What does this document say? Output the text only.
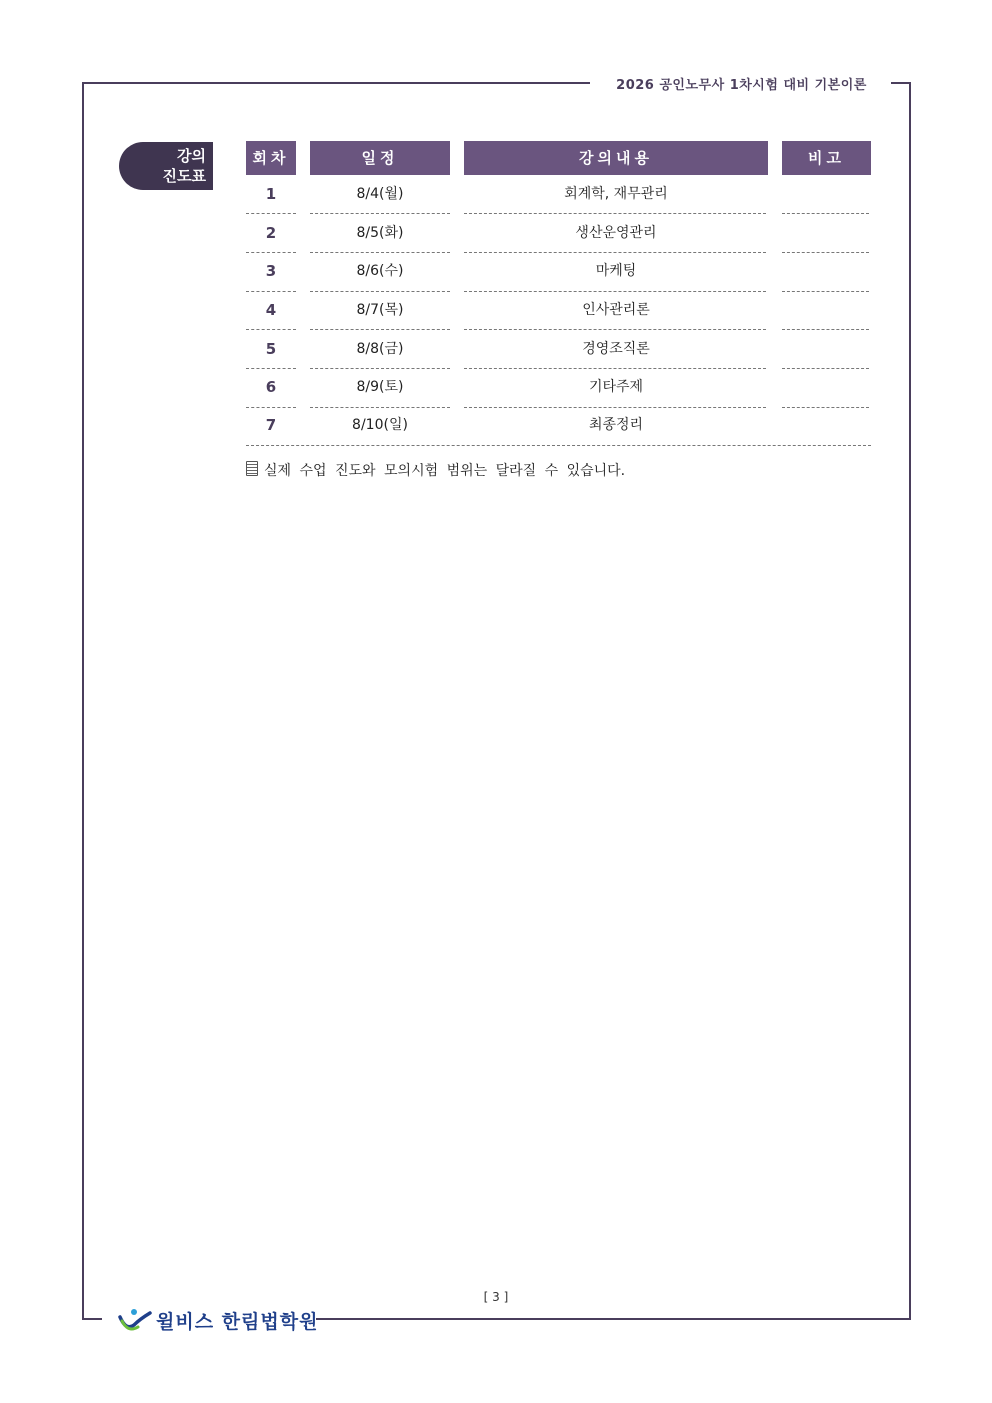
2026 공인노무사 1차시험 대비 기본이론
강의
진도표
회차	일정	강의내용	비고
1	8/4(월)	회계학, 재무관리
2	8/5(화)	생산운영관리
3	8/6(수)	마케팅
4	8/7(목)	인사관리론
5	8/8(금)	경영조직론
6	8/9(토)	기타주제
7	8/10(일)	최종정리
실제 수업 진도와 모의시험 범위는 달라질 수 있습니다.
[ 3 ]
윌비스 한림법학원
